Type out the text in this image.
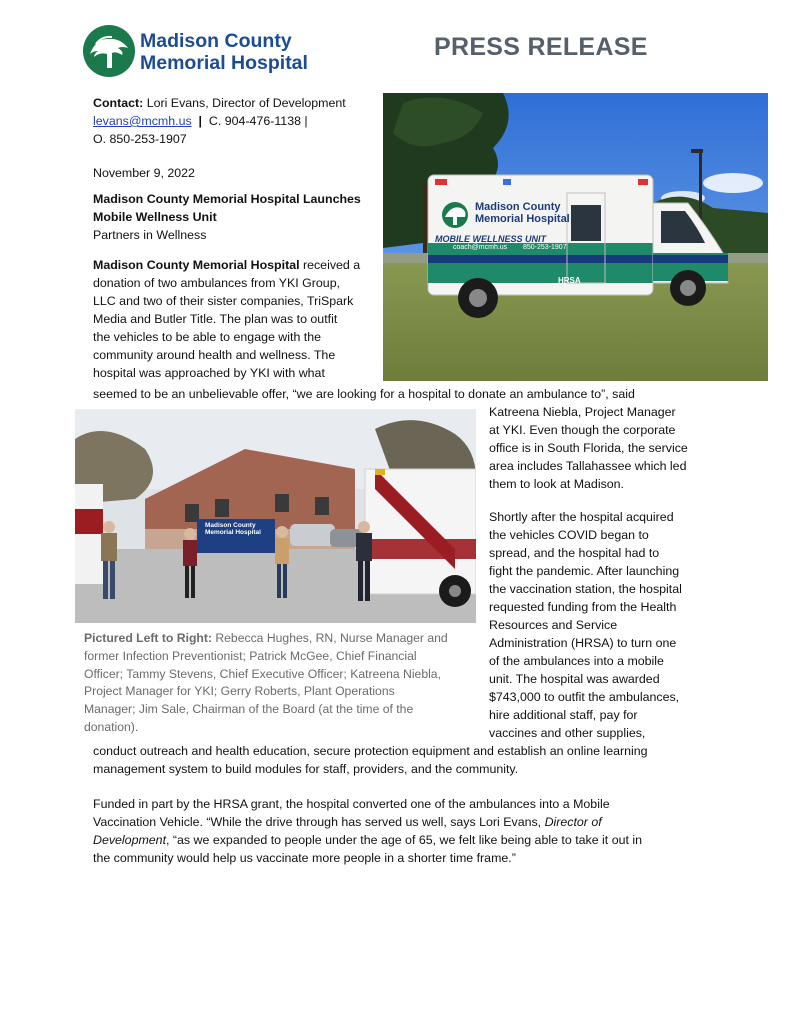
Madison County
Memorial Hospital
PRESS RELEASE
Contact: Lori Evans, Director of Development
levans@mcmh.us | C. 904-476-1138 |
O. 850-253-1907
November 9, 2022
Madison County Memorial Hospital Launches
Mobile Wellness Unit
Partners in Wellness
Madison County Memorial Hospital received a
donation of two ambulances from YKI Group,
LLC and two of their sister companies, TriSpark
Media and Butler Title. The plan was to outfit
the vehicles to be able to engage with the
community around health and wellness. The
hospital was approached by YKI with what
seemed to be an unbelievable offer, “we are looking for a hospital to donate an ambulance to”, said
Katreena Niebla, Project Manager
at YKI. Even though the corporate
office is in South Florida, the service
area includes Tallahassee which led
them to look at Madison.
Shortly after the hospital acquired
the vehicles COVID began to
spread, and the hospital had to
fight the pandemic. After launching
the vaccination station, the hospital
requested funding from the Health
Resources and Service
Administration (HRSA) to turn one
of the ambulances into a mobile
unit. The hospital was awarded
$743,000 to outfit the ambulances,
hire additional staff, pay for
vaccines and other supplies,
conduct outreach and health education, secure protection equipment and establish an online learning
management system to build modules for staff, providers, and the community.
Funded in part by the HRSA grant, the hospital converted one of the ambulances into a Mobile
Vaccination Vehicle. “While the drive through has served us well, says Lori Evans, Director of
Development, “as we expanded to people under the age of 65, we felt like being able to take it out in
the community would help us vaccinate more people in a shorter time frame.”
Madison County
Memorial Hospital
MOBILE WELLNESS UNIT
coach@mcmh.us 850-253-1907
HRSA
Madison County
Memorial Hospital
Pictured Left to Right: Rebecca Hughes, RN, Nurse Manager and
former Infection Preventionist; Patrick McGee, Chief Financial
Officer; Tammy Stevens, Chief Executive Officer; Katreena Niebla,
Project Manager for YKI; Gerry Roberts, Plant Operations
Manager; Jim Sale, Chairman of the Board (at the time of the
donation).
